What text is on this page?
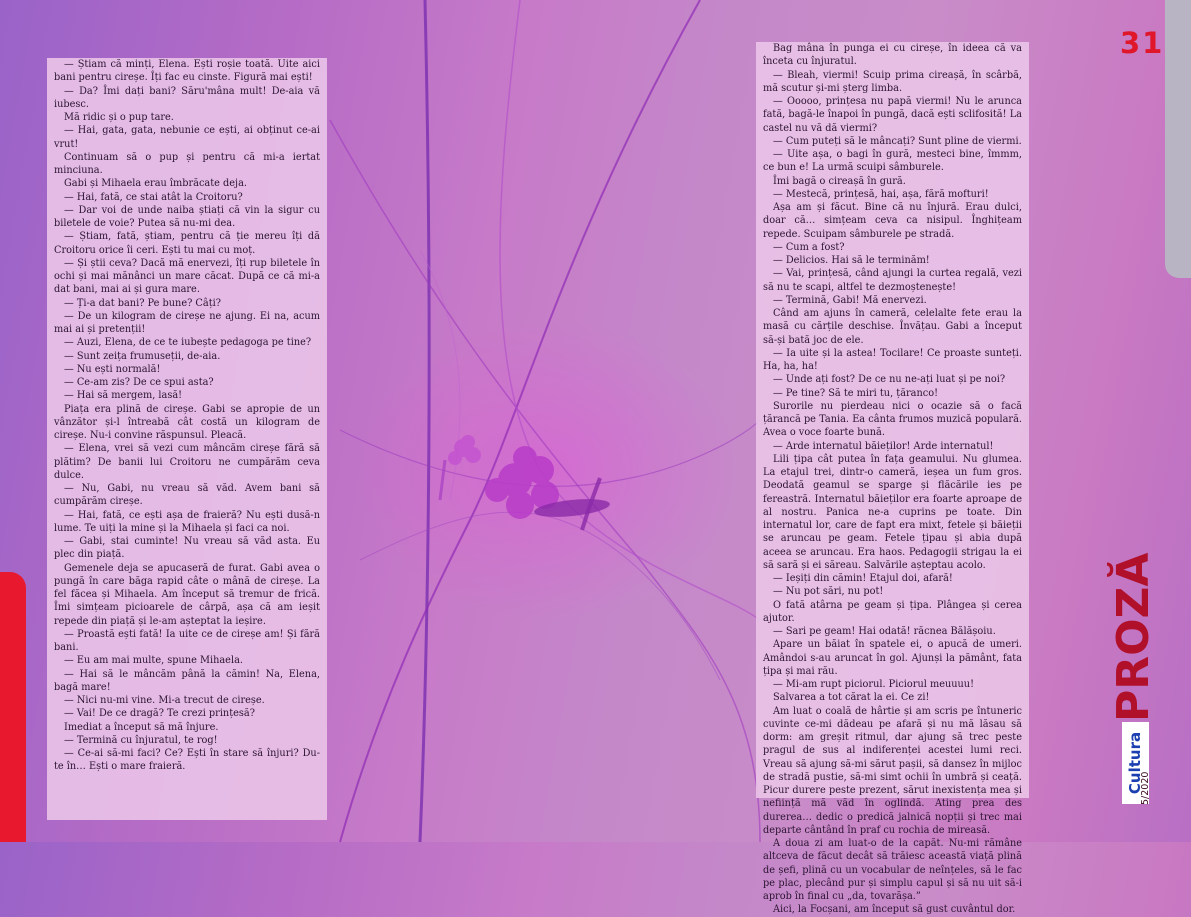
— Știam că minți, Elena. Ești roșie toată. Uite aici bani pentru cireșe. Îți fac eu cinste. Figură mai ești!

— Da? Îmi dați bani? Săru'mâna mult! De-aia vă iubesc.

Mă ridic și o pup tare.

— Hai, gata, gata, nebunie ce ești, ai obținut ce-ai vrut!

Continuam să o pup și pentru că mi-a iertat minciuna.

Gabi și Mihaela erau îmbrăcate deja.

— Hai, fată, ce stai atât la Croitoru?

— Dar voi de unde naiba știați că vin la sigur cu biletele de voie? Putea să nu-mi dea.

— Știam, fată, știam, pentru că ție mereu îți dă Croitoru orice îi ceri. Ești tu mai cu moț.

— Și știi ceva? Dacă mă enervezi, îți rup biletele în ochi și mai mănânci un mare căcat. După ce că mi-a dat bani, mai ai și gura mare.

— Ți-a dat bani? Pe bune? Câți?

— De un kilogram de cireșe ne ajung. Ei na, acum mai ai și pretenții!

— Auzi, Elena, de ce te iubește pedagoga pe tine?

— Sunt zeița frumuseții, de-aia.

— Nu ești normală!

— Ce-am zis? De ce spui asta?

— Hai să mergem, lasă!

Piața era plină de cireșe. Gabi se apropie de un vânzător și-l întreabă cât costă un kilogram de cireșe. Nu-i convine răspunsul. Pleacă.

— Elena, vrei să vezi cum mâncăm cireșe fără să plătim? De banii lui Croitoru ne cumpărăm ceva dulce.

— Nu, Gabi, nu vreau să văd. Avem bani să cumpărăm cireșe.

— Hai, fată, ce ești așa de fraieră? Nu ești dusă-n lume. Te uiți la mine și la Mihaela și faci ca noi.

— Gabi, stai cuminte! Nu vreau să văd asta. Eu plec din piață.

Gemenele deja se apucaseră de furat. Gabi avea o pungă în care băga rapid câte o mână de cireșe. La fel făcea și Mihaela. Am început să tremur de frică. Îmi simțeam picioarele de cârpă, așa că am ieșit repede din piață și le-am așteptat la ieșire.

— Proastă ești fată! Ia uite ce de cireșe am! Și fără bani.

— Eu am mai multe, spune Mihaela.

— Hai să le mâncăm până la cămin! Na, Elena, bagă mare!

— Nici nu-mi vine. Mi-a trecut de cireșe.

— Vai! De ce dragă? Te crezi prințesă?

Imediat a început să mă înjure.

— Termină cu înjuratul, te rog!

— Ce-ai să-mi faci? Ce? Ești în stare să înjuri? Du-te în… Ești o mare fraieră.

Bag mâna în punga ei cu cireșe, în ideea că va înceta cu înjuratul.

— Bleah, viermi! Scuip prima cireașă, în scârbă, mă scutur și-mi șterg limba.

— Ooooo, prințesa nu papă viermi! Nu le arunca fată, bagă-le înapoi în pungă, dacă ești sclifosită! La castel nu vă dă viermi?

— Cum puteți să le mâncați? Sunt pline de viermi.

— Uite așa, o bagi în gură, mesteci bine, îmmm, ce bun e! La urmă scuipi sâmburele.

Îmi bagă o cireașă în gură.

— Mestecă, prințesă, hai, așa, fără mofturi!

Așa am și făcut. Bine că nu înjură. Erau dulci, doar că… simțeam ceva ca nisipul. Înghițeam repede. Scuipam sâmburele pe stradă.

— Cum a fost?

— Delicios. Hai să le terminăm!

— Vai, prințesă, când ajungi la curtea regală, vezi să nu te scapi, altfel te dezmoștenește!

— Termină, Gabi! Mă enervezi.

Când am ajuns în cameră, celelalte fete erau la masă cu cărțile deschise. Învățau. Gabi a început să-și bată joc de ele.

— Ia uite și la astea! Tocilare! Ce proaste sunteți. Ha, ha, ha!

— Unde ați fost? De ce nu ne-ați luat și pe noi?

— Pe tine? Să te miri tu, țăranco!

Surorile nu pierdeau nici o ocazie să o facă țărancă pe Tania. Ea cânta frumos muzică populară. Avea o voce foarte bună.

— Arde internatul băieților! Arde internatul!

Lili țipa cât putea în fața geamului. Nu glumea. La etajul trei, dintr-o cameră, ieșea un fum gros. Deodată geamul se sparge și flăcările ies pe fereastră. Internatul băieților era foarte aproape de al nostru. Panica ne-a cuprins pe toate. Din internatul lor, care de fapt era mixt, fetele și băieții se aruncau pe geam. Fetele țipau și abia după aceea se aruncau. Era haos. Pedagogii strigau la ei să sară și ei săreau. Salvările așteptau acolo.

— Ieșiți din cămin! Etajul doi, afară!

— Nu pot sări, nu pot!

O fată atârna pe geam și țipa. Plângea și cerea ajutor.

— Sari pe geam! Hai odată! răcnea Bălășoiu.

Apare un băiat în spatele ei, o apucă de umeri. Amândoi s-au aruncat în gol. Ajunși la pământ, fata țipa și mai rău.

— Mi-am rupt piciorul. Piciorul meuuuu!

Salvarea a tot cărat la ei. Ce zi!

Am luat o coală de hârtie și am scris pe întuneric cuvinte ce-mi dădeau pe afară și nu mă lăsau să dorm: am greșit ritmul, dar ajung să trec peste pragul de sus al indiferenței acestei lumi reci. Vreau să ajung să-mi sărut pașii, să dansez în mijloc de stradă pustie, să-mi simt ochii în umbră și ceață. Picur durere peste prezent, sărut inexistența mea și neființă mă văd în oglindă. Ating prea des durerea… dedic o predică jalnică nopții și trec mai departe cântând în praf cu rochia de mireasă.

A doua zi am luat-o de la capăt. Nu-mi rămâne altceva de făcut decât să trăiesc această viață plină de șefi, plină cu un vocabular de neînțeles, să le fac pe plac, plecând pur și simplu capul și să nu uit să-i aprob în final cu „da, tovarășa.”

Aici, la Focșani, am început să gust cuvântul dor.

31
PROZĂ
Cultura
5/2020
